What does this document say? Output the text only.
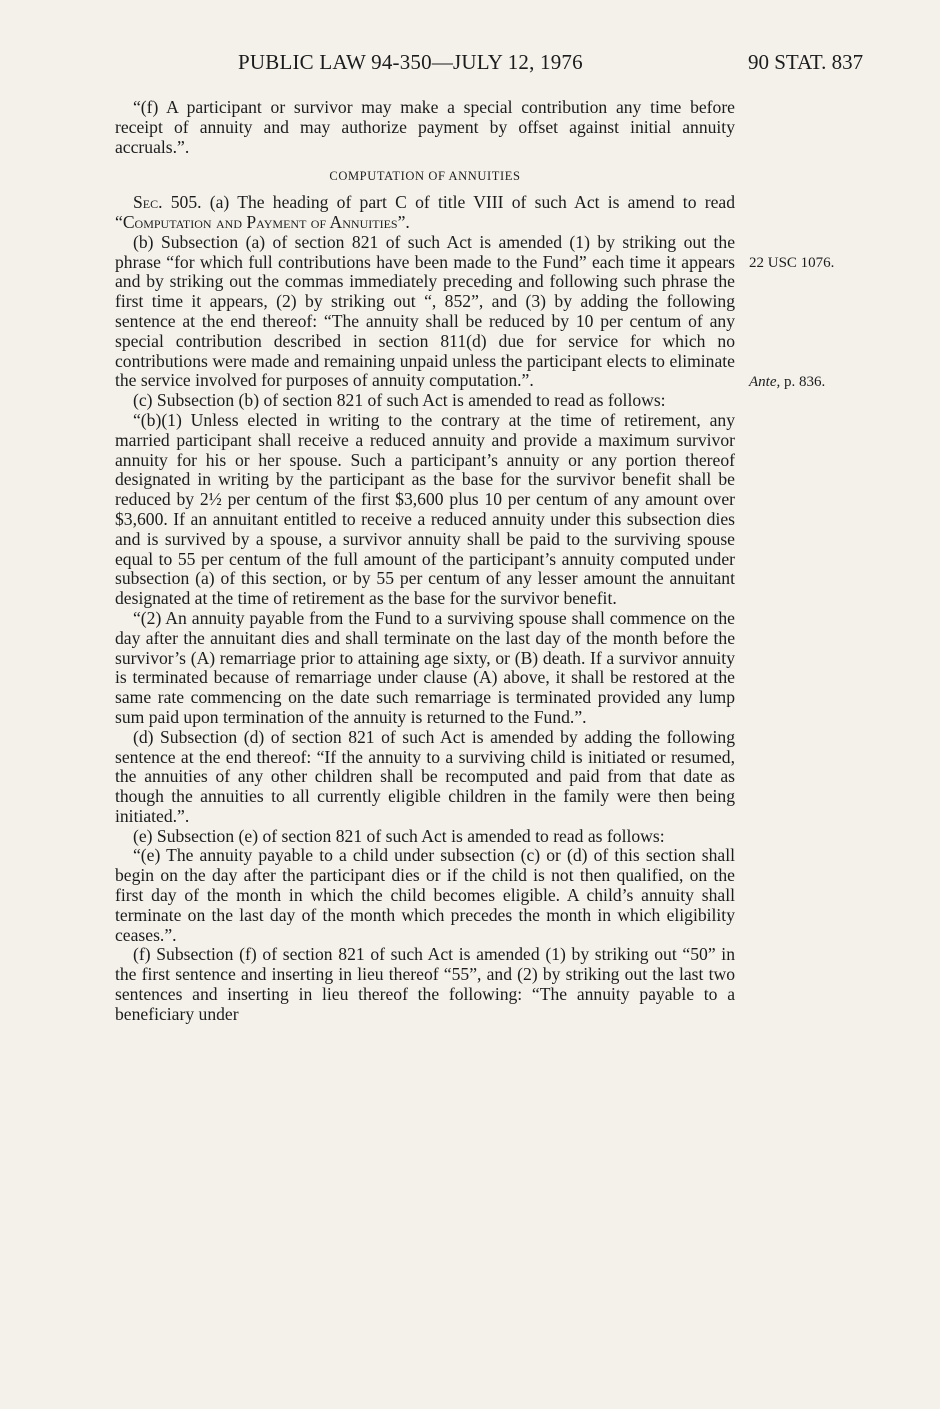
PUBLIC LAW 94-350—JULY 12, 1976	90 STAT. 837
22 USC 1076.
Ante, p. 836.

“(f) A participant or survivor may make a special contribution any time before receipt of annuity and may authorize payment by offset against initial annuity accruals.”.

COMPUTATION OF ANNUITIES

Sec. 505. (a) The heading of part C of title VIII of such Act is amend to read “Computation and Payment of Annuities”.

(b) Subsection (a) of section 821 of such Act is amended (1) by striking out the phrase “for which full contributions have been made to the Fund” each time it appears and by striking out the commas immediately preceding and following such phrase the first time it appears, (2) by striking out “, 852”, and (3) by adding the following sentence at the end thereof: “The annuity shall be reduced by 10 per centum of any special contribution described in section 811(d) due for service for which no contributions were made and remaining unpaid unless the participant elects to eliminate the service involved for purposes of annuity computation.”.

(c) Subsection (b) of section 821 of such Act is amended to read as follows:

“(b)(1) Unless elected in writing to the contrary at the time of retirement, any married participant shall receive a reduced annuity and provide a maximum survivor annuity for his or her spouse. Such a participant’s annuity or any portion thereof designated in writing by the participant as the base for the survivor benefit shall be reduced by 2½ per centum of the first $3,600 plus 10 per centum of any amount over $3,600. If an annuitant entitled to receive a reduced annuity under this subsection dies and is survived by a spouse, a survivor annuity shall be paid to the surviving spouse equal to 55 per centum of the full amount of the participant’s annuity computed under subsection (a) of this section, or by 55 per centum of any lesser amount the annuitant designated at the time of retirement as the base for the survivor benefit.

“(2) An annuity payable from the Fund to a surviving spouse shall commence on the day after the annuitant dies and shall terminate on the last day of the month before the survivor’s (A) remarriage prior to attaining age sixty, or (B) death. If a survivor annuity is terminated because of remarriage under clause (A) above, it shall be restored at the same rate commencing on the date such remarriage is terminated provided any lump sum paid upon termination of the annuity is returned to the Fund.”.

(d) Subsection (d) of section 821 of such Act is amended by adding the following sentence at the end thereof: “If the annuity to a surviving child is initiated or resumed, the annuities of any other children shall be recomputed and paid from that date as though the annuities to all currently eligible children in the family were then being initiated.”.

(e) Subsection (e) of section 821 of such Act is amended to read as follows:

“(e) The annuity payable to a child under subsection (c) or (d) of this section shall begin on the day after the participant dies or if the child is not then qualified, on the first day of the month in which the child becomes eligible. A child’s annuity shall terminate on the last day of the month which precedes the month in which eligibility ceases.”.

(f) Subsection (f) of section 821 of such Act is amended (1) by striking out “50” in the first sentence and inserting in lieu thereof “55”, and (2) by striking out the last two sentences and inserting in lieu thereof the following: “The annuity payable to a beneficiary under
